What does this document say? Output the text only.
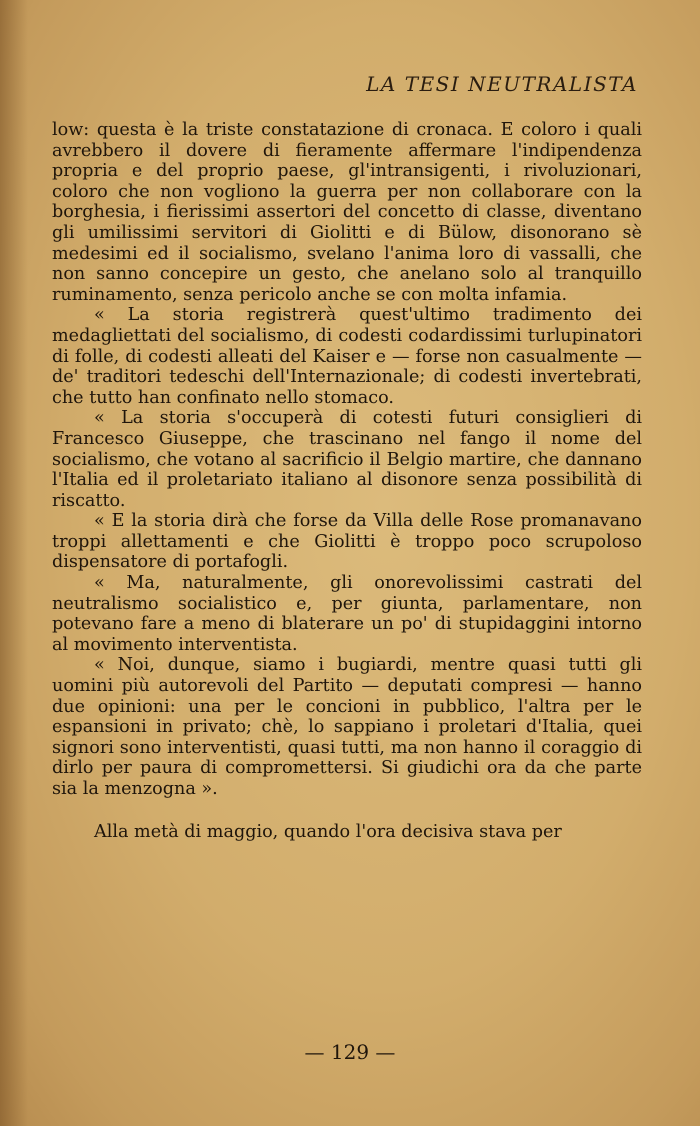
LA TESI NEUTRALISTA

low: questa è la triste constatazione di cronaca. E coloro i quali avrebbero il dovere di fieramente affermare l'indipendenza propria e del proprio paese, gl'intransigenti, i rivoluzionari, coloro che non vogliono la guerra per non collaborare con la borghesia, i fierissimi assertori del concetto di classe, diventano gli umilissimi servitori di Giolitti e di Bülow, disonorano sè medesimi ed il socialismo, svelano l'anima loro di vassalli, che non sanno concepire un gesto, che anelano solo al tranquillo ruminamento, senza pericolo anche se con molta infamia.

« La storia registrerà quest'ultimo tradimento dei medagliettati del socialismo, di codesti codardissimi turlupinatori di folle, di codesti alleati del Kaiser e — forse non casualmente — de' traditori tedeschi dell'Internazionale; di codesti invertebrati, che tutto han confinato nello stomaco.

« La storia s'occuperà di cotesti futuri consiglieri di Francesco Giuseppe, che trascinano nel fango il nome del socialismo, che votano al sacrificio il Belgio martire, che dannano l'Italia ed il proletariato italiano al disonore senza possibilità di riscatto.

« E la storia dirà che forse da Villa delle Rose promanavano troppi allettamenti e che Giolitti è troppo poco scrupoloso dispensatore di portafogli.

« Ma, naturalmente, gli onorevolissimi castrati del neutralismo socialistico e, per giunta, parlamentare, non potevano fare a meno di blaterare un po' di stupidaggini intorno al movimento interventista.

« Noi, dunque, siamo i bugiardi, mentre quasi tutti gli uomini più autorevoli del Partito — deputati compresi — hanno due opinioni: una per le concioni in pubblico, l'altra per le espansioni in privato; chè, lo sappiano i proletari d'Italia, quei signori sono interventisti, quasi tutti, ma non hanno il coraggio di dirlo per paura di compromettersi. Si giudichi ora da che parte sia la menzogna ».

Alla metà di maggio, quando l'ora decisiva stava per

— 129 —
